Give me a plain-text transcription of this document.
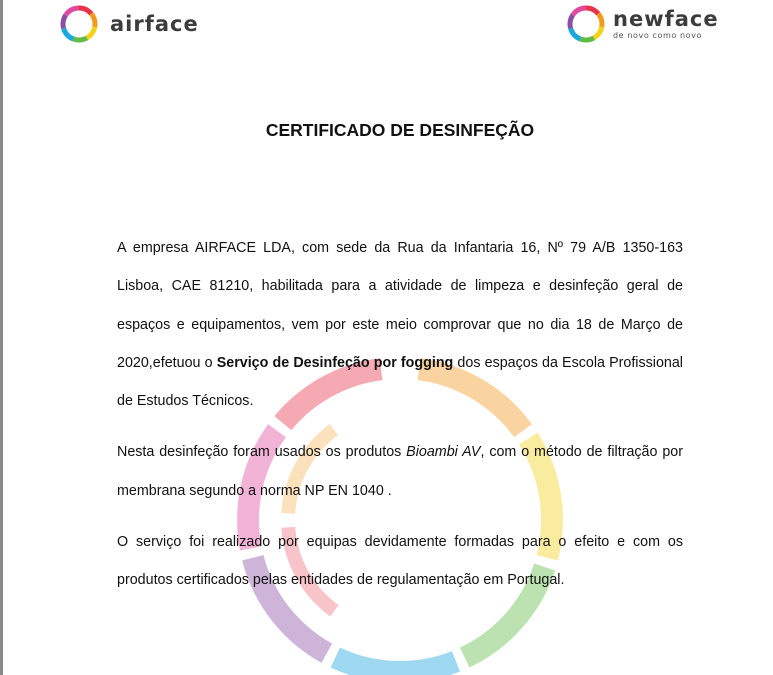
airface	newface
de novo como novo
CERTIFICADO DE DESINFEÇÃO

A empresa AIRFACE LDA, com sede da Rua da Infantaria 16, Nº 79 A/B 1350-163 Lisboa, CAE 81210, habilitada para a atividade de limpeza e desinfeção geral de espaços e equipamentos, vem por este meio comprovar que no dia 18 de Março de 2020,efetuou o Serviço de Desinfeção por fogging dos espaços da Escola Profissional de Estudos Técnicos.

Nesta desinfeção foram usados os produtos Bioambi AV, com o método de filtração por membrana segundo a norma NP EN 1040 .

O serviço foi realizado por equipas devidamente formadas para o efeito e com os produtos certificados pelas entidades de regulamentação em Portugal.
